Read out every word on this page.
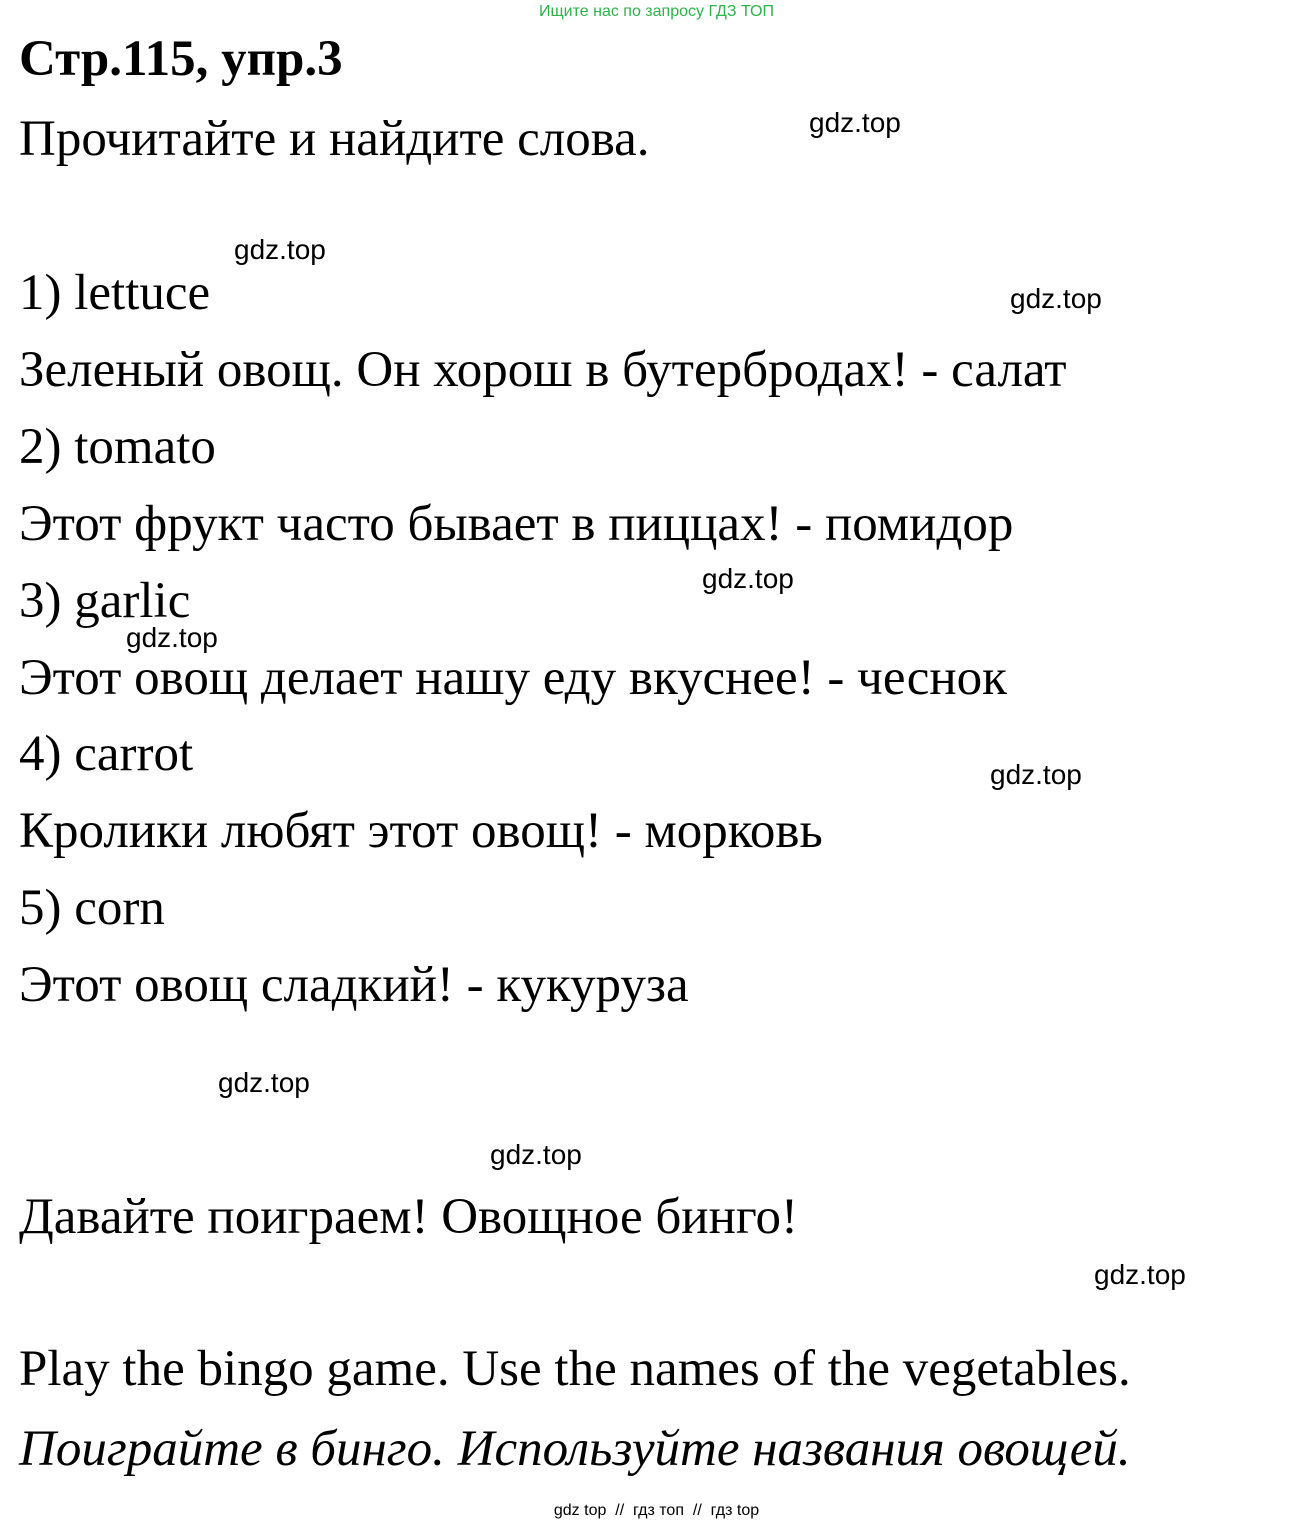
Ищите нас по запросу ГДЗ ТОП
Стр.115, упр.3
Прочитайте и найдите слова.
1) lettuce
Зеленый овощ. Он хорош в бутербродах! - салат
2) tomato
Этот фрукт часто бывает в пиццах! - помидор
3) garlic
Этот овощ делает нашу еду вкуснее! - чеснок
4) carrot
Кролики любят этот овощ! - морковь
5) corn
Этот овощ сладкий! - кукуруза
Давайте поиграем! Овощное бинго!
Play the bingo game. Use the names of the vegetables.
Поиграйте в бинго. Используйте названия овощей.
gdz.top
gdz.top
gdz.top
gdz.top
gdz.top
gdz.top
gdz.top
gdz.top
gdz.top
gdz top  //  гдз топ  //  гдз top
